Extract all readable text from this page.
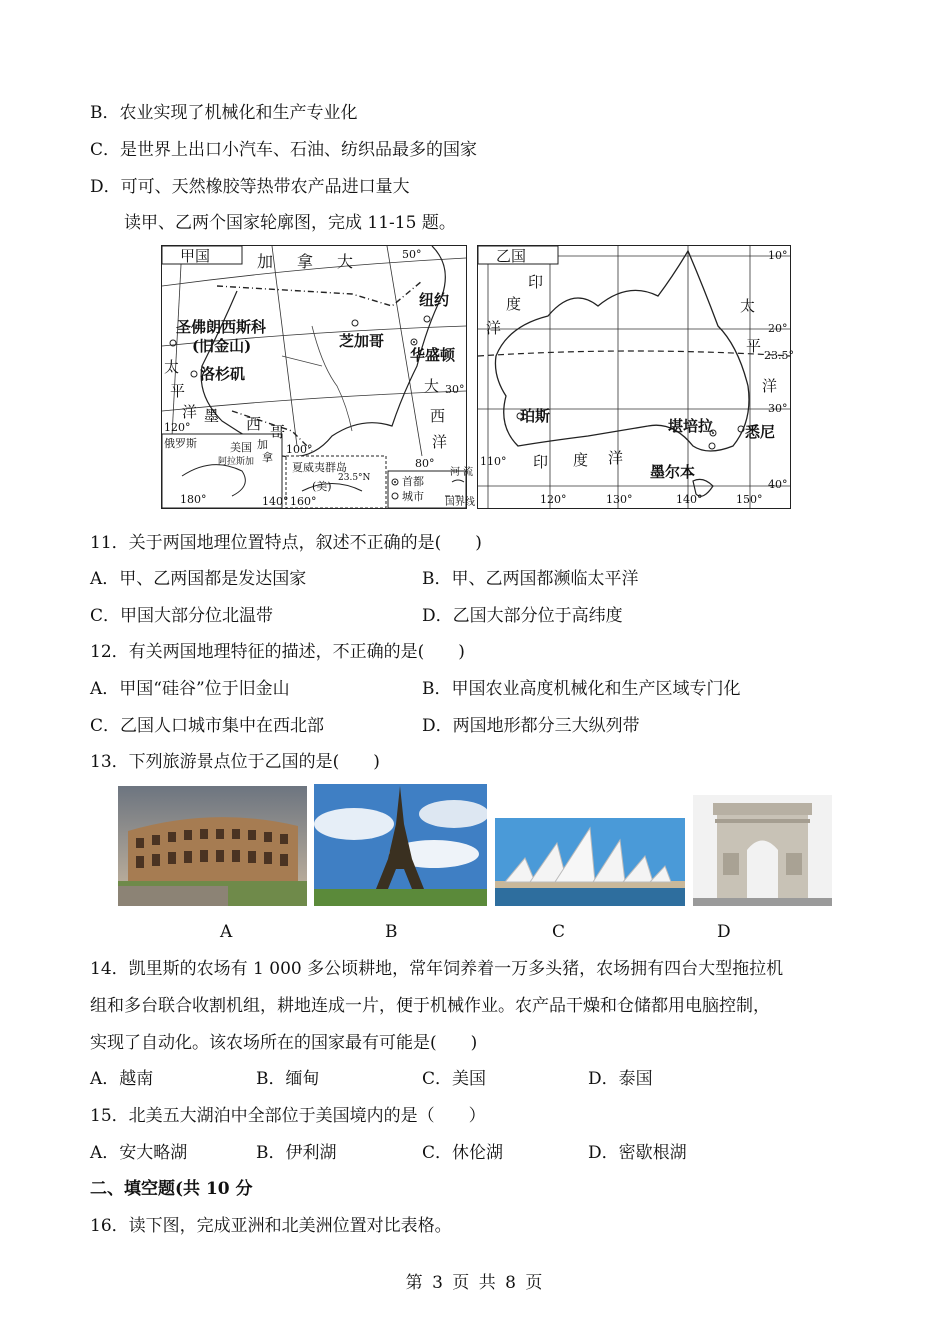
B．农业实现了机械化和生产专业化
C．是世界上出口小汽车、石油、纺织品最多的国家
D．可可、天然橡胶等热带农产品进口量大
读甲、乙两个国家轮廓图，完成 11-15 题。
甲国	加 拿 大
纽约
圣佛朗西斯科
(旧金山)	芝加哥
华盛顿
洛杉矶
太
平
洋 墨 西 哥
大
西
洋
俄罗斯	美国
阿拉斯加
加
拿
夏威夷群岛
(美)
50°
30°
120°
100°
80°
180°	160°
140°
23.5°N	首都
城市
河 流
国界线
乙国
印
度
洋
太
平
洋
珀斯
堪培拉 悉尼
印 度 洋
墨尔本
10°
20°
23.5°
30°
40°
110°
120°	130°	140°	150°
11．关于两国地理位置特点，叙述不正确的是(　　)
A．甲、乙两国都是发达国家	B．甲、乙两国都濒临太平洋
C．甲国大部分位北温带	D．乙国大部分位于高纬度
12．有关两国地理特征的描述，不正确的是(　　)
A．甲国“硅谷”位于旧金山	B．甲国农业高度机械化和生产区域专门化
C．乙国人口城市集中在西北部	D．两国地形都分三大纵列带
13．下列旅游景点位于乙国的是(　　)
A	B	C	D
14．凯里斯的农场有 1 000 多公顷耕地，常年饲养着一万多头猪，农场拥有四台大型拖拉机
组和多台联合收割机组，耕地连成一片，便于机械作业。农产品干燥和仓储都用电脑控制，
实现了自动化。该农场所在的国家最有可能是(　　)
A．越南	B．缅甸	C．美国	D．泰国
15．北美五大湖泊中全部位于美国境内的是（　　）
A．安大略湖	B．伊利湖	C．休伦湖	D．密歇根湖
二、填空题(共 10 分
16．读下图，完成亚洲和北美洲位置对比表格。
第 3 页 共 8 页
